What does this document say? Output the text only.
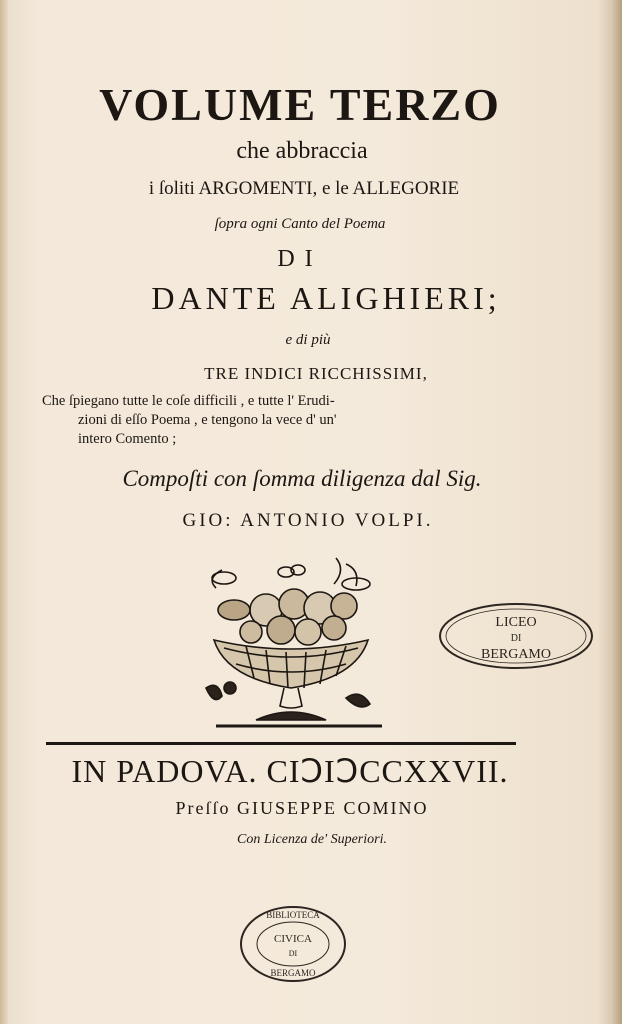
VOLUME TERZO
che abbraccia
i ſoliti ARGOMENTI, e le ALLEGORIE
ſopra ogni Canto del Poema
DI
DANTE ALIGHIERI;
e di più
TRE INDICI RICCHISSIMI,
Che ſpiegano tutte le coſe difficili , e tutte l' Erudi-
zioni di eſſo Poema , e tengono la vece d' un'
intero Comento ;
Compoſti con ſomma diligenza dal Sig.
GIO: ANTONIO VOLPI.
IN PADOVA. CIↃIↃCCXXVII.
Preſſo GIUSEPPE COMINO
Con Licenza de' Superiori.
LICEO
DI
BERGAMO
BIBLIOTECA
CIVICA
DI
BERGAMO
